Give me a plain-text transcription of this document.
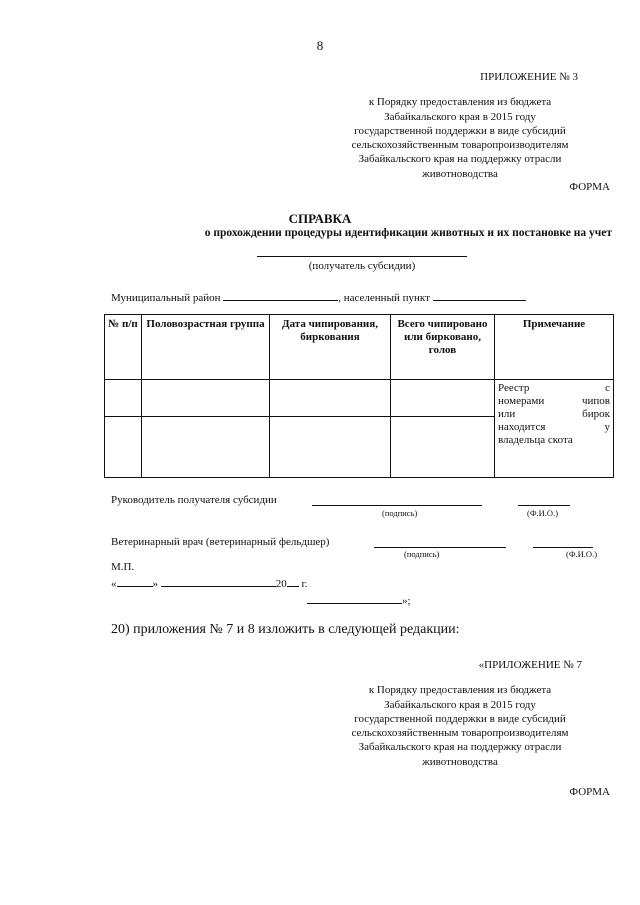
8
ПРИЛОЖЕНИЕ № 3
к Порядку предоставления из бюджета
Забайкальского края в 2015 году
государственной поддержки в виде субсидий
сельскохозяйственным товаропроизводителям
Забайкальского края на поддержку отрасли
животноводства
ФОРМА
СПРАВКА
о прохождении процедуры идентификации животных и их постановке на учет
(получатель субсидии)
Муниципальный район	, населенный пункт
№ п/п	Половозрастная группа	Дата чипирования, биркования	Всего чипировано или бирковано, голов	Примечание

				Реестр с
номерами чипов
или бирок
находится у
владельца скота

Руководитель получателя субсидии
(подпись)	(Ф.И.О.)
Ветеринарный врач (ветеринарный фельдшер)
(подпись)	(Ф.И.О.)
М.П.
«	»	20 г.
»;
20) приложения № 7 и 8 изложить в следующей редакции:
«ПРИЛОЖЕНИЕ № 7
к Порядку предоставления из бюджета
Забайкальского края в 2015 году
государственной поддержки в виде субсидий
сельскохозяйственным товаропроизводителям
Забайкальского края на поддержку отрасли
животноводства
ФОРМА
